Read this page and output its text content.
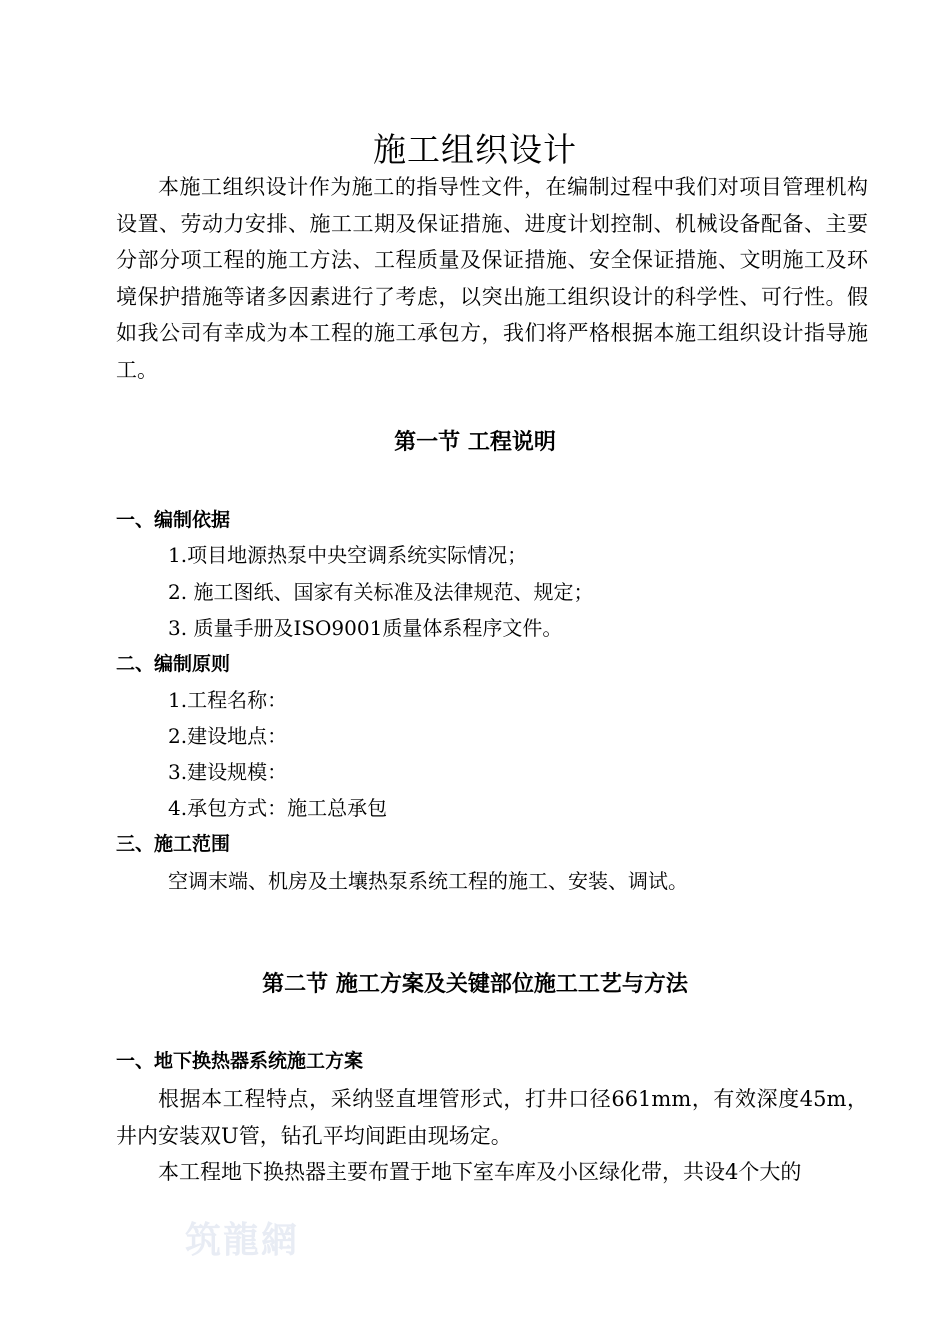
施工组织设计

本施工组织设计作为施工的指导性文件，在编制过程中我们对项目管理机构设置、劳动力安排、施工工期及保证措施、进度计划控制、机械设备配备、主要分部分项工程的施工方法、工程质量及保证措施、安全保证措施、文明施工及环境保护措施等诸多因素进行了考虑，以突出施工组织设计的科学性、可行性。假如我公司有幸成为本工程的施工承包方，我们将严格根据本施工组织设计指导施工。

第一节 工程说明
一、编制依据
1.项目地源热泵中央空调系统实际情况；
2. 施工图纸、国家有关标准及法律规范、规定；
3. 质量手册及ISO9001质量体系程序文件。
二、编制原则
1.工程名称：
2.建设地点：
3.建设规模：
4.承包方式：施工总承包
三、施工范围
空调末端、机房及土壤热泵系统工程的施工、安装、调试。
第二节 施工方案及关键部位施工工艺与方法
一、地下换热器系统施工方案

根据本工程特点，采纳竖直埋管形式，打井口径661mm，有效深度45m，井内安装双U管，钻孔平均间距由现场定。

本工程地下换热器主要布置于地下室车库及小区绿化带，共设4个大的

筑龍網
